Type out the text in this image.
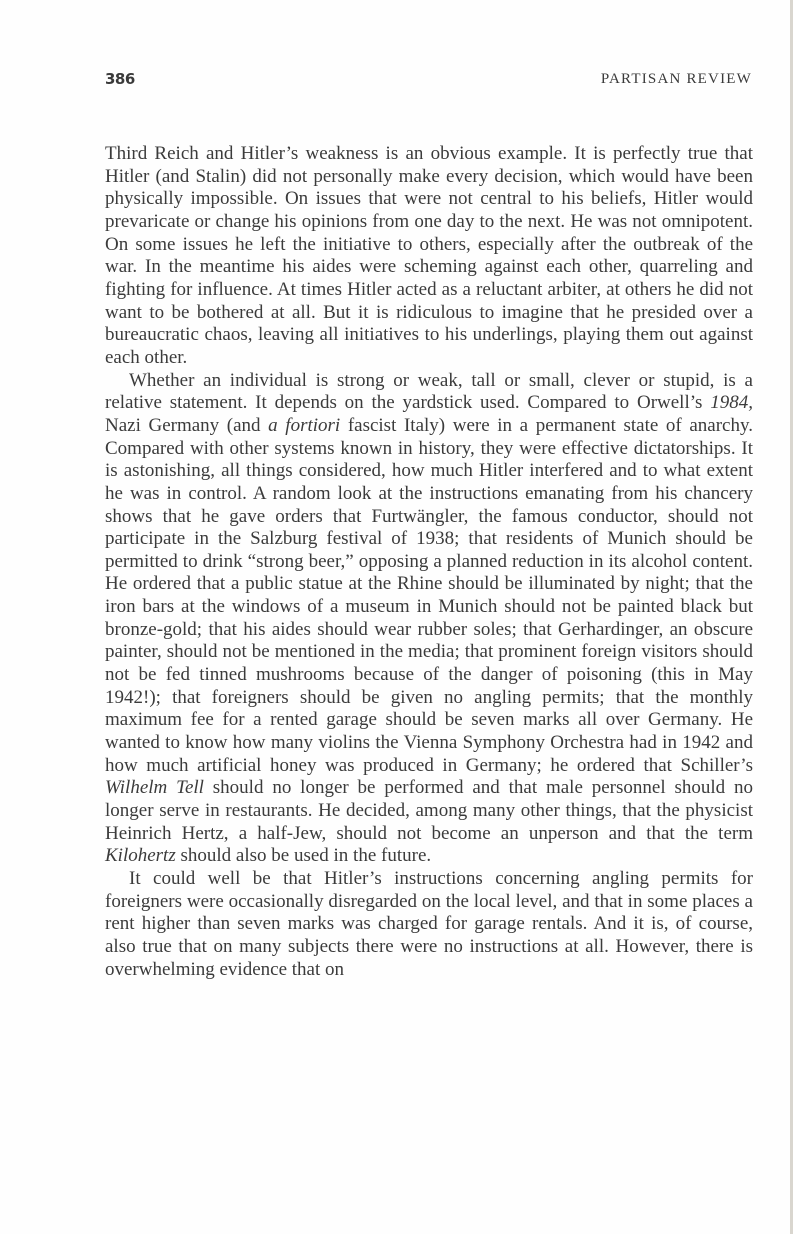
386	PARTISAN REVIEW

Third Reich and Hitler’s weakness is an obvious example. It is perfectly true that Hitler (and Stalin) did not personally make every decision, which would have been physically impossible. On issues that were not central to his beliefs, Hitler would prevaricate or change his opinions from one day to the next. He was not omnipotent. On some issues he left the initiative to others, especially after the outbreak of the war. In the meantime his aides were scheming against each other, quarreling and fighting for influence. At times Hitler acted as a reluctant arbiter, at others he did not want to be bothered at all. But it is ridiculous to imagine that he presided over a bureaucratic chaos, leaving all initiatives to his underlings, playing them out against each other.

Whether an individual is strong or weak, tall or small, clever or stupid, is a relative statement. It depends on the yardstick used. Compared to Orwell’s 1984, Nazi Germany (and a fortiori fascist Italy) were in a permanent state of anarchy. Compared with other systems known in history, they were effective dictatorships. It is astonishing, all things considered, how much Hitler interfered and to what extent he was in control. A random look at the instructions emanating from his chancery shows that he gave orders that Furtwängler, the famous conductor, should not participate in the Salzburg festival of 1938; that residents of Munich should be permitted to drink “strong beer,” opposing a planned reduction in its alcohol content. He ordered that a public statue at the Rhine should be illuminated by night; that the iron bars at the windows of a museum in Munich should not be painted black but bronze-gold; that his aides should wear rubber soles; that Gerhardinger, an obscure painter, should not be mentioned in the media; that prominent foreign visitors should not be fed tinned mushrooms because of the danger of poisoning (this in May 1942!); that foreigners should be given no angling permits; that the monthly maximum fee for a rented garage should be seven marks all over Germany. He wanted to know how many violins the Vienna Symphony Orchestra had in 1942 and how much artificial honey was produced in Germany; he ordered that Schiller’s Wilhelm Tell should no longer be performed and that male personnel should no longer serve in restaurants. He decided, among many other things, that the physicist Heinrich Hertz, a half-Jew, should not become an unperson and that the term Kilohertz should also be used in the future.

It could well be that Hitler’s instructions concerning angling permits for foreigners were occasionally disregarded on the local level, and that in some places a rent higher than seven marks was charged for garage rentals. And it is, of course, also true that on many subjects there were no instructions at all. However, there is overwhelming evidence that on
